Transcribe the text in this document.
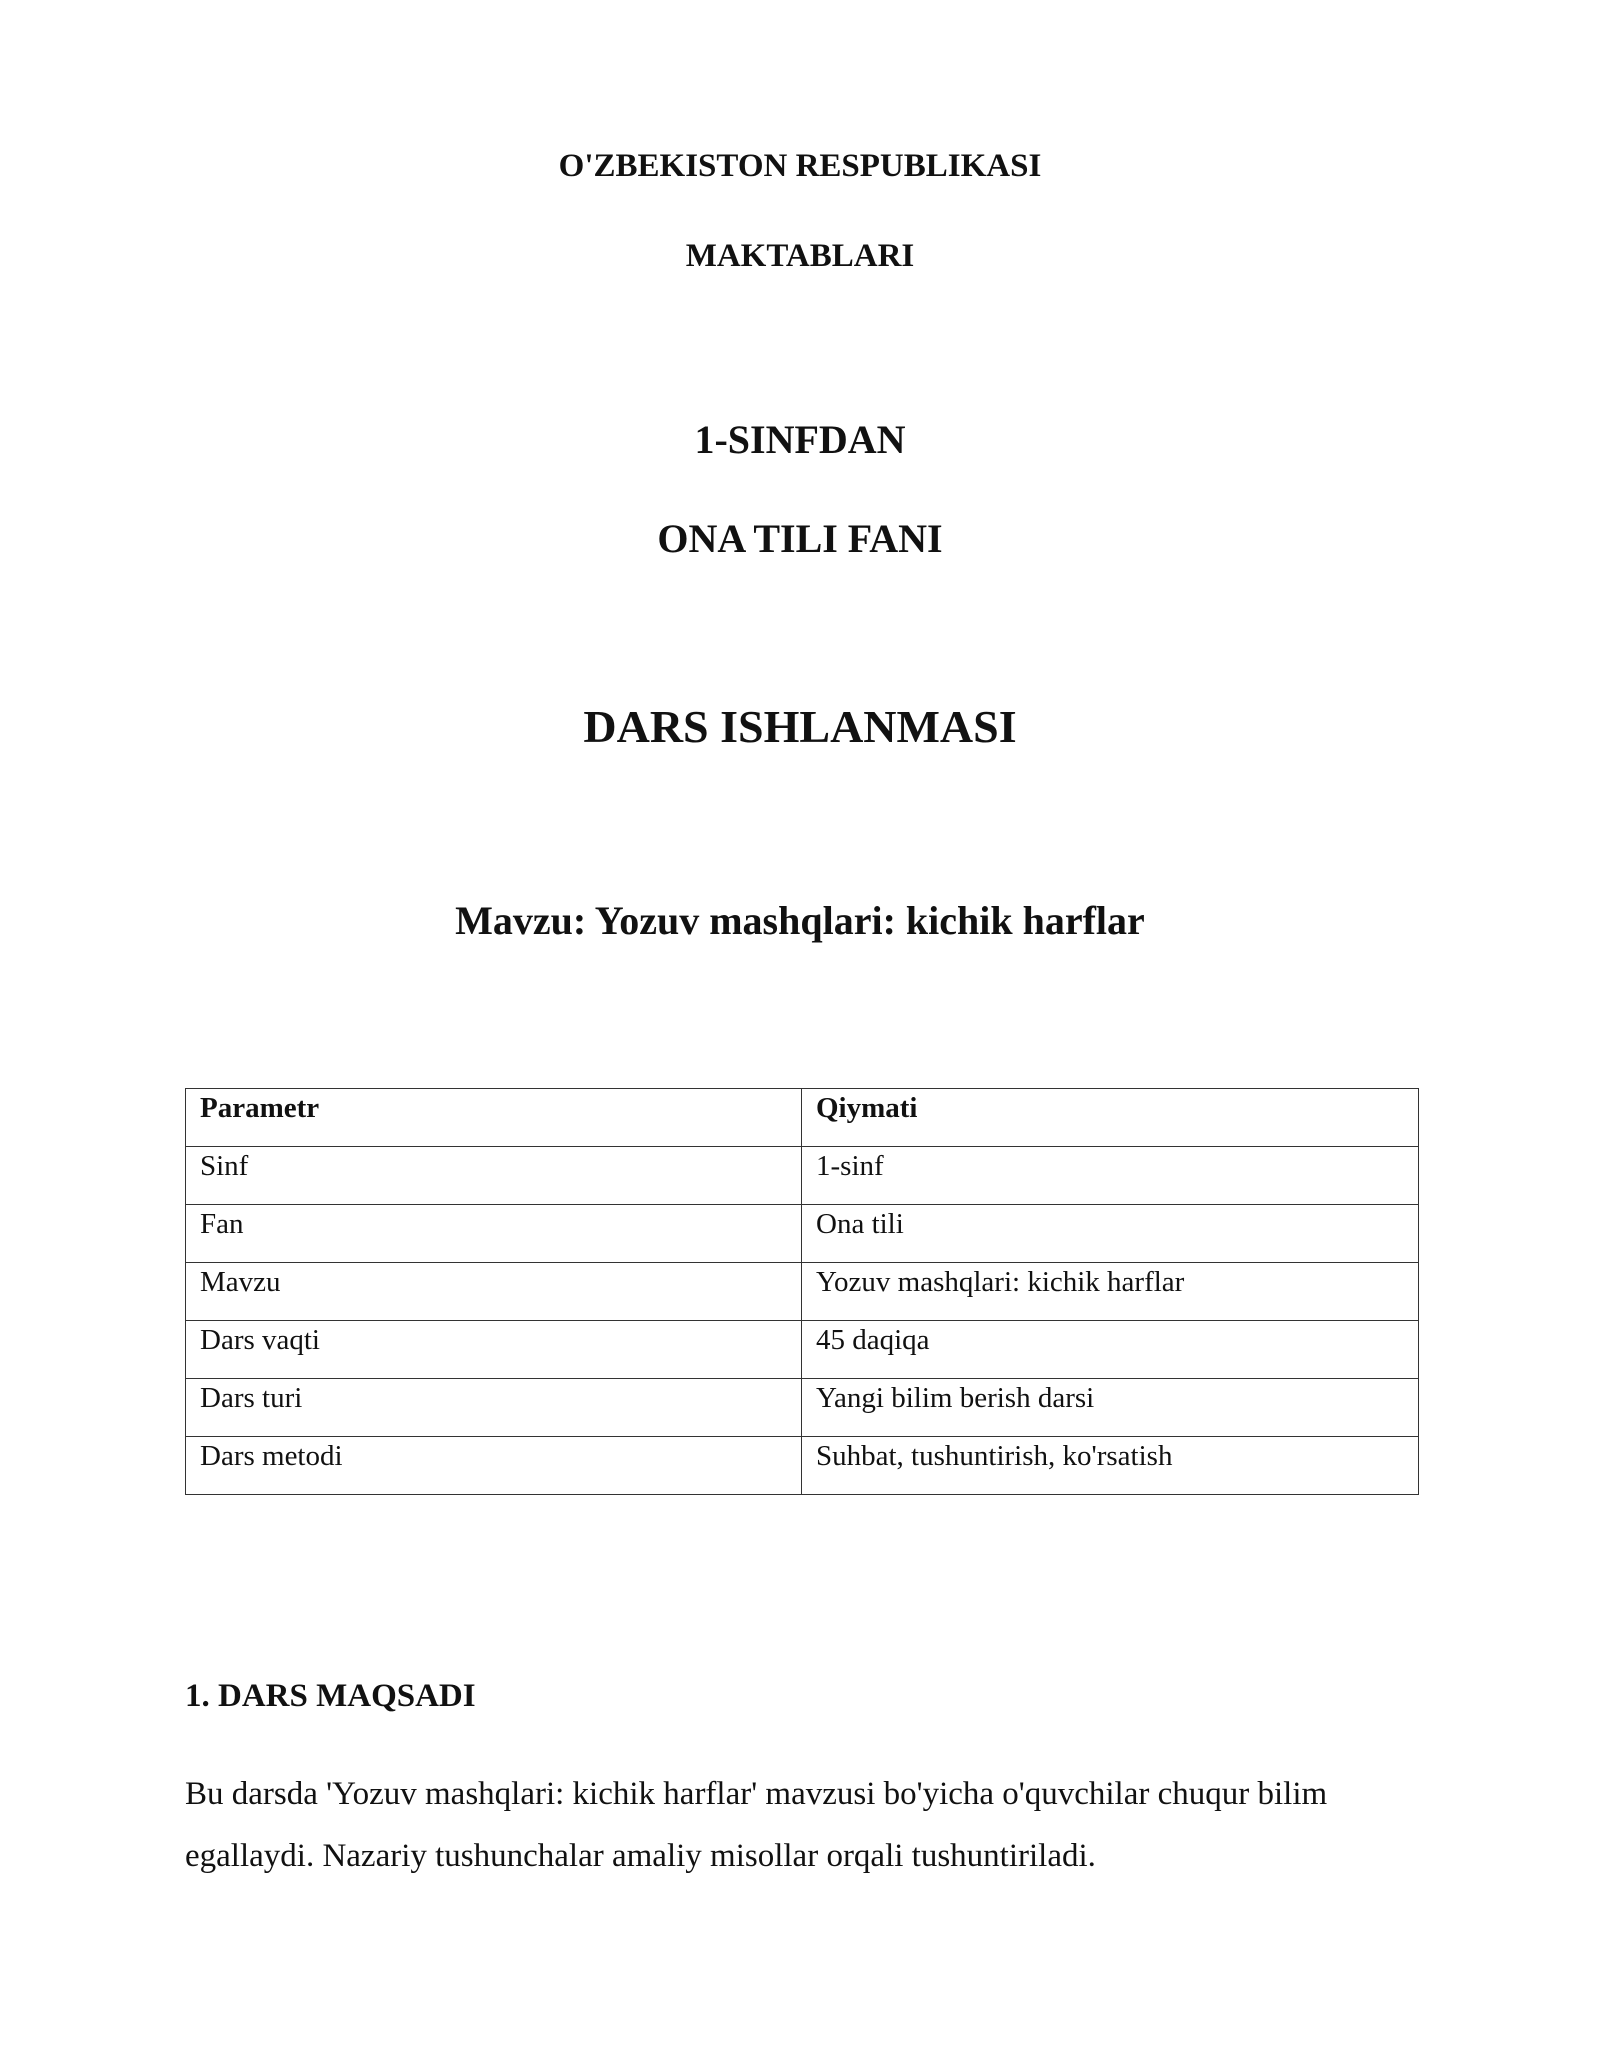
O'ZBEKISTON RESPUBLIKASI
MAKTABLARI
1-SINFDAN
ONA TILI FANI
DARS ISHLANMASI
Mavzu: Yozuv mashqlari: kichik harflar
Parametr	Qiymati
Sinf	1-sinf
Fan	Ona tili
Mavzu	Yozuv mashqlari: kichik harflar
Dars vaqti	45 daqiqa
Dars turi	Yangi bilim berish darsi
Dars metodi	Suhbat, tushuntirish, ko'rsatish
1. DARS MAQSADI
Bu darsda 'Yozuv mashqlari: kichik harflar' mavzusi bo'yicha o'quvchilar chuqur bilim egallaydi. Nazariy tushunchalar amaliy misollar orqali tushuntiriladi.
